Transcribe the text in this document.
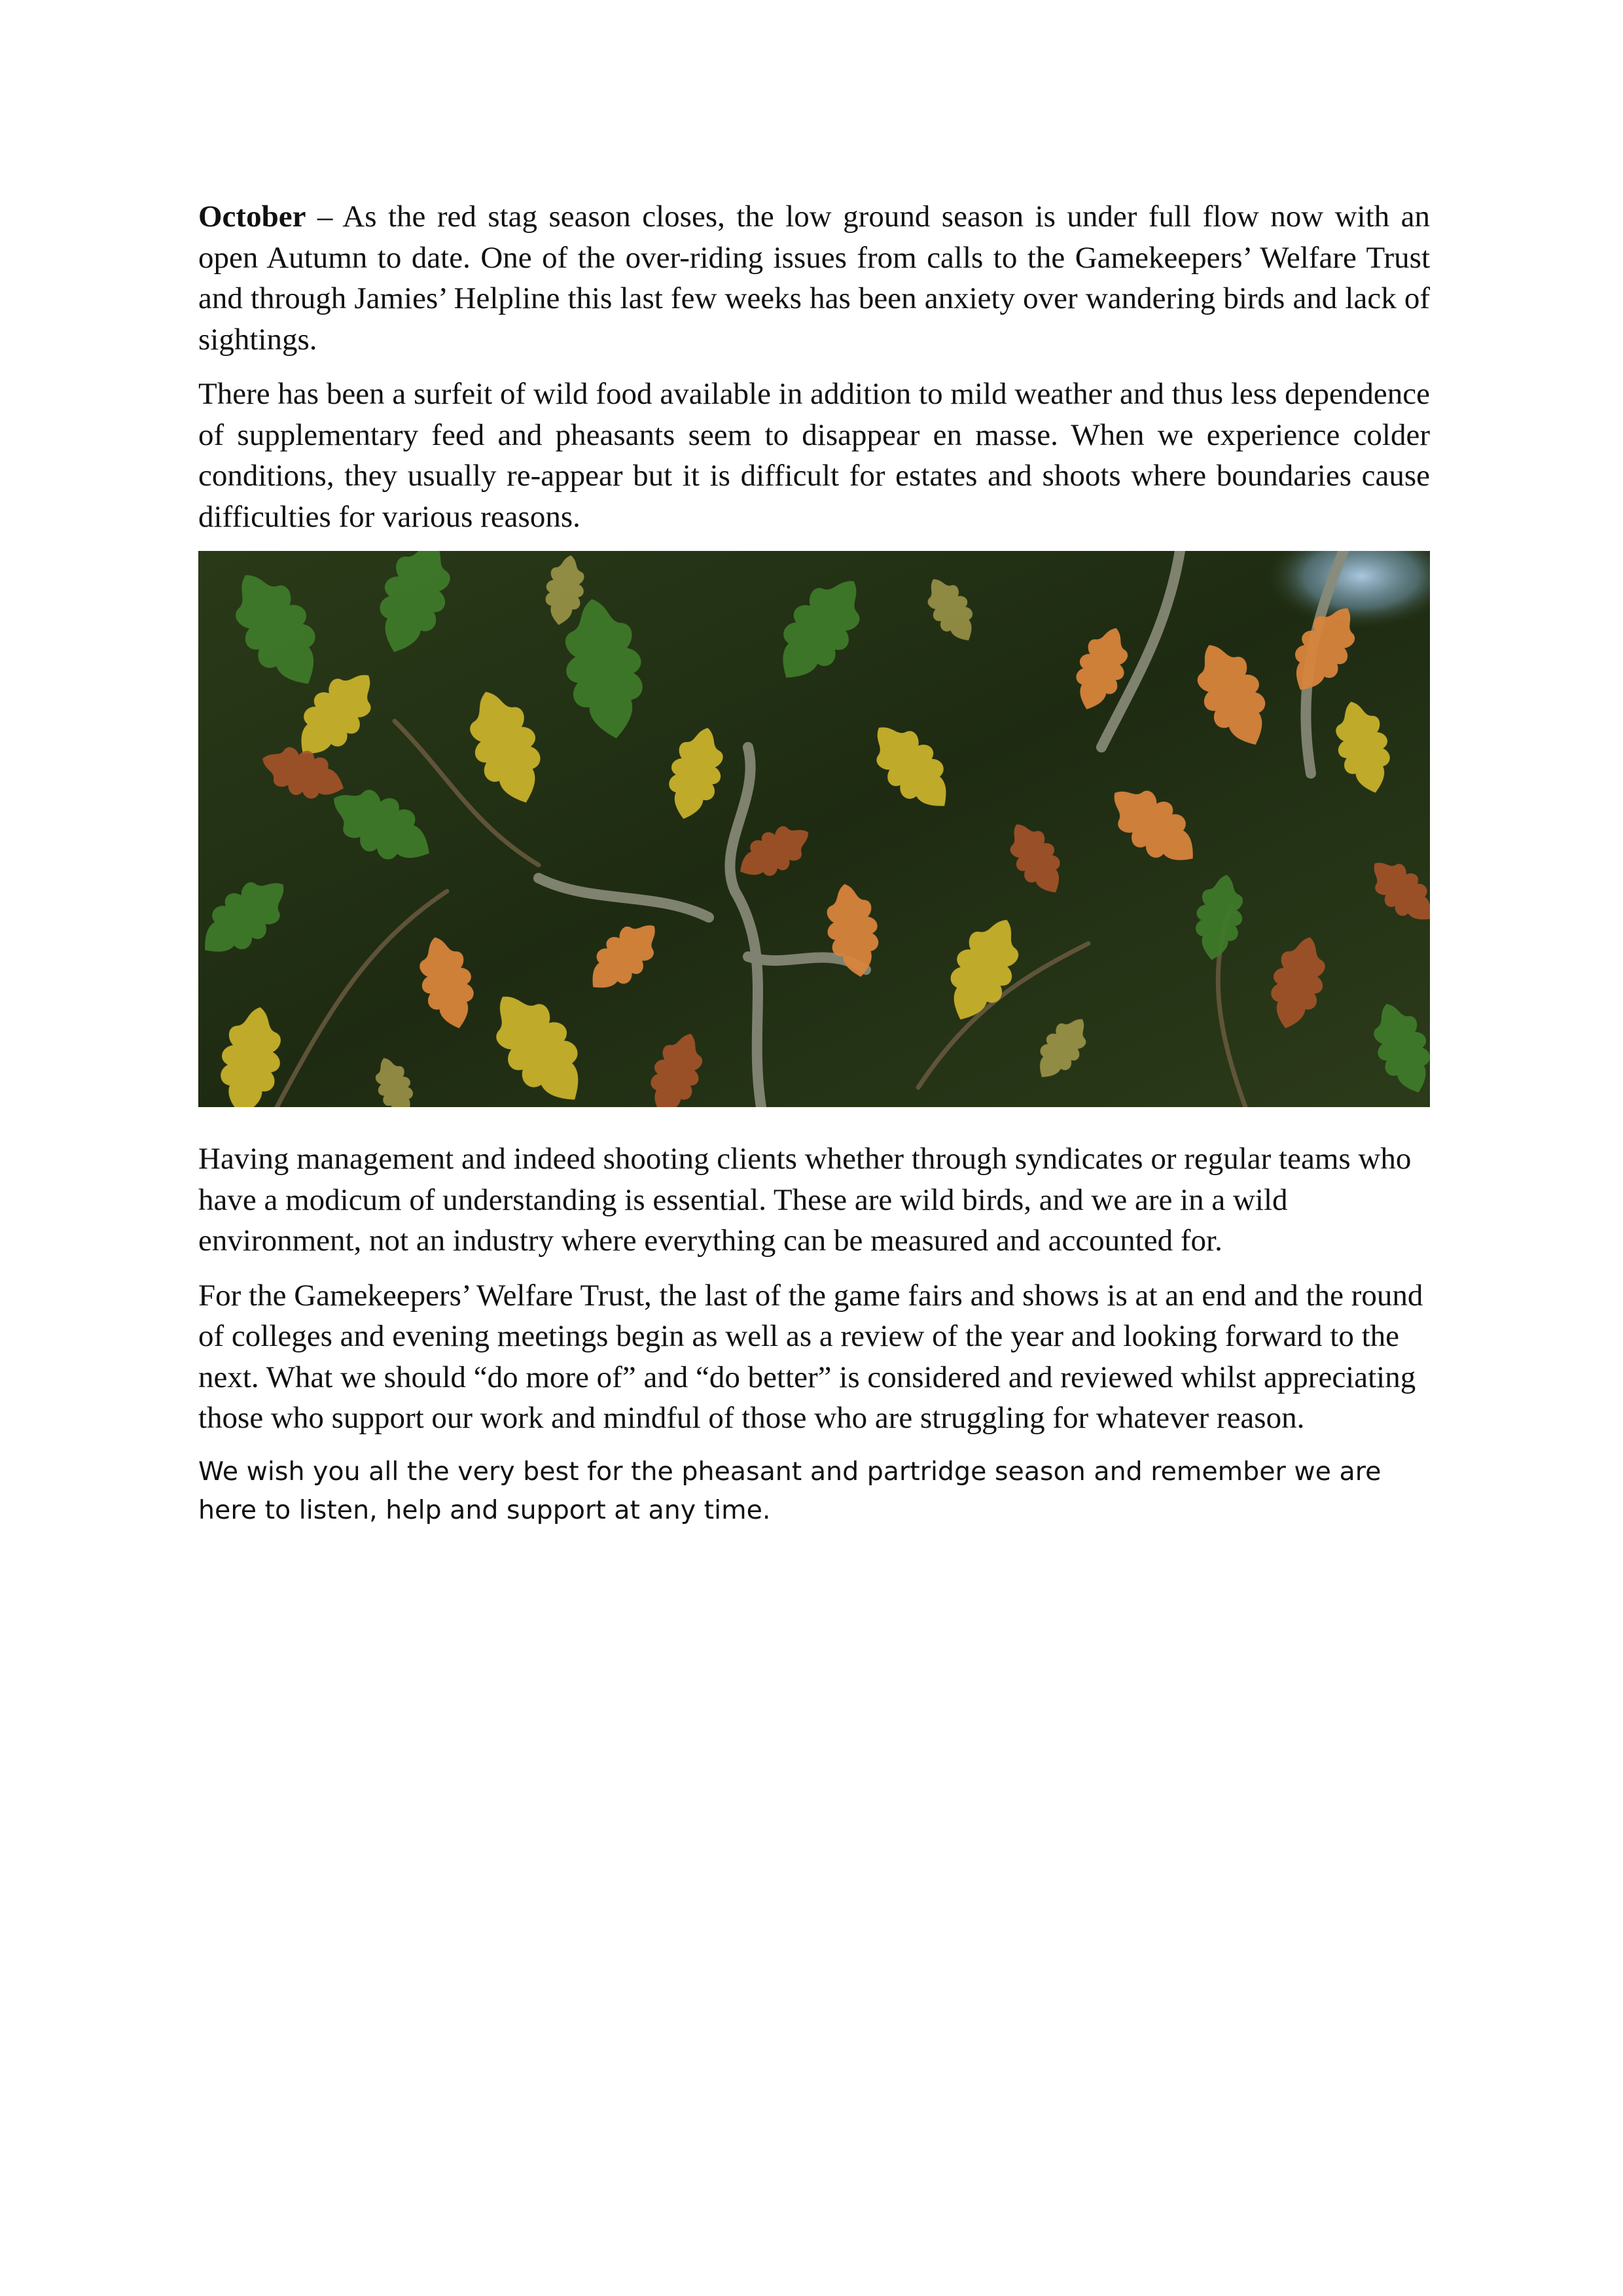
October – As the red stag season closes, the low ground season is under full flow now with an open Autumn to date. One of the over-riding issues from calls to the Gamekeepers’ Welfare Trust and through Jamies’ Helpline this last few weeks has been anxiety over wandering birds and lack of sightings.

There has been a surfeit of wild food available in addition to mild weather and thus less dependence of supplementary feed and pheasants seem to disappear en masse. When we experience colder conditions, they usually re-appear but it is difficult for estates and shoots where boundaries cause difficulties for various reasons.

Having management and indeed shooting clients whether through syndicates or regular teams who have a modicum of understanding is essential. These are wild birds, and we are in a wild environment, not an industry where everything can be measured and accounted for.

For the Gamekeepers’ Welfare Trust, the last of the game fairs and shows is at an end and the round of colleges and evening meetings begin as well as a review of the year and looking forward to the next. What we should “do more of” and “do better” is considered and reviewed whilst appreciating those who support our work and mindful of those who are struggling for whatever reason.

We wish you all the very best for the pheasant and partridge season and remember we are here to listen, help and support at any time.
